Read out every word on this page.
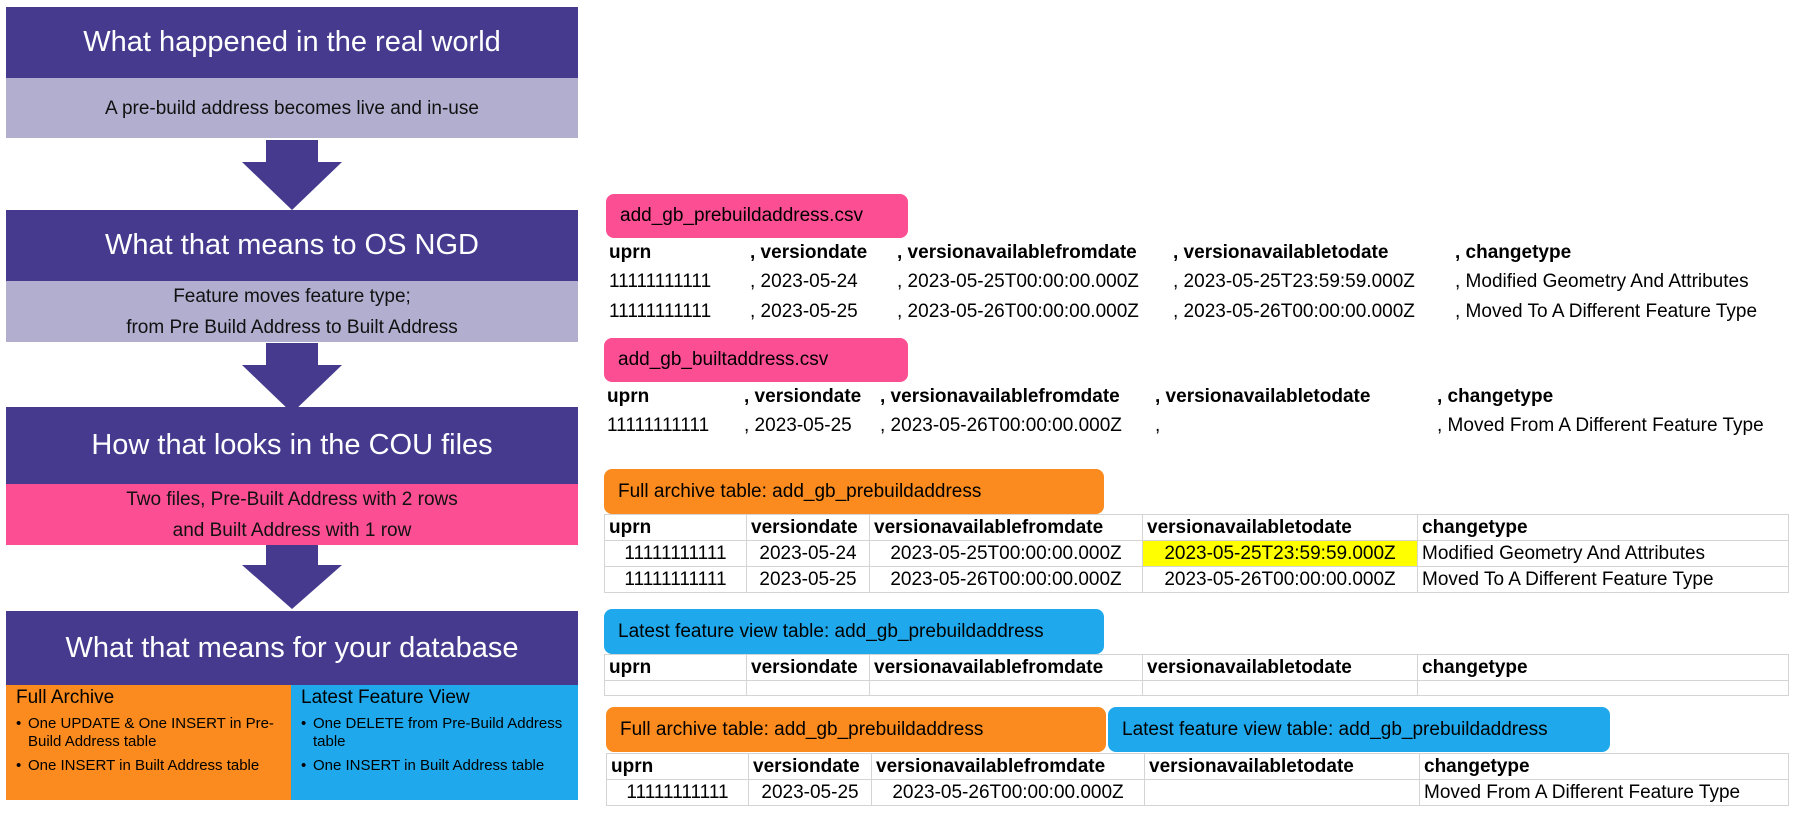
What happened in the real world
A pre-build address becomes live and in-use
What that means to OS NGD
Feature moves feature type;
from Pre Build Address to Built Address
How that looks in the COU files
Two files, Pre-Built Address with 2 rows
and Built Address with 1 row
What that means for your database
Full Archive
• One UPDATE & One INSERT in Pre-Build Address table
• One INSERT in Built Address table
Latest Feature View
• One DELETE from Pre-Build Address table
• One INSERT in Built Address table
add_gb_prebuildaddress.csv
uprn	, versiondate , versionavailablefromdate , versionavailabletodate	, changetype
11111111111 , 2023-05-24 , 2023-05-25T00:00:00.000Z , 2023-05-25T23:59:59.000Z , Modified Geometry And Attributes
11111111111 , 2023-05-25 , 2023-05-26T00:00:00.000Z , 2023-05-26T00:00:00.000Z , Moved To A Different Feature Type
add_gb_builtaddress.csv
uprn	, versiondate , versionavailablefromdate , versionavailabletodate	, changetype
11111111111 , 2023-05-25 , 2023-05-26T00:00:00.000Z ,	, Moved From A Different Feature Type
Full archive table: add_gb_prebuildaddress
uprn	versiondate	versionavailablefromdate	versionavailabletodate	changetype
11111111111	2023-05-24	2023-05-25T00:00:00.000Z	2023-05-25T23:59:59.000Z	Modified Geometry And Attributes
11111111111	2023-05-25	2023-05-26T00:00:00.000Z	2023-05-26T00:00:00.000Z	Moved To A Different Feature Type
Latest feature view table: add_gb_prebuildaddress
uprn	versiondate	versionavailablefromdate	versionavailabletodate	changetype

Full archive table: add_gb_prebuildaddress	Latest feature view table: add_gb_prebuildaddress
uprn	versiondate	versionavailablefromdate	versionavailabletodate	changetype
11111111111	2023-05-25	2023-05-26T00:00:00.000Z		Moved From A Different Feature Type
